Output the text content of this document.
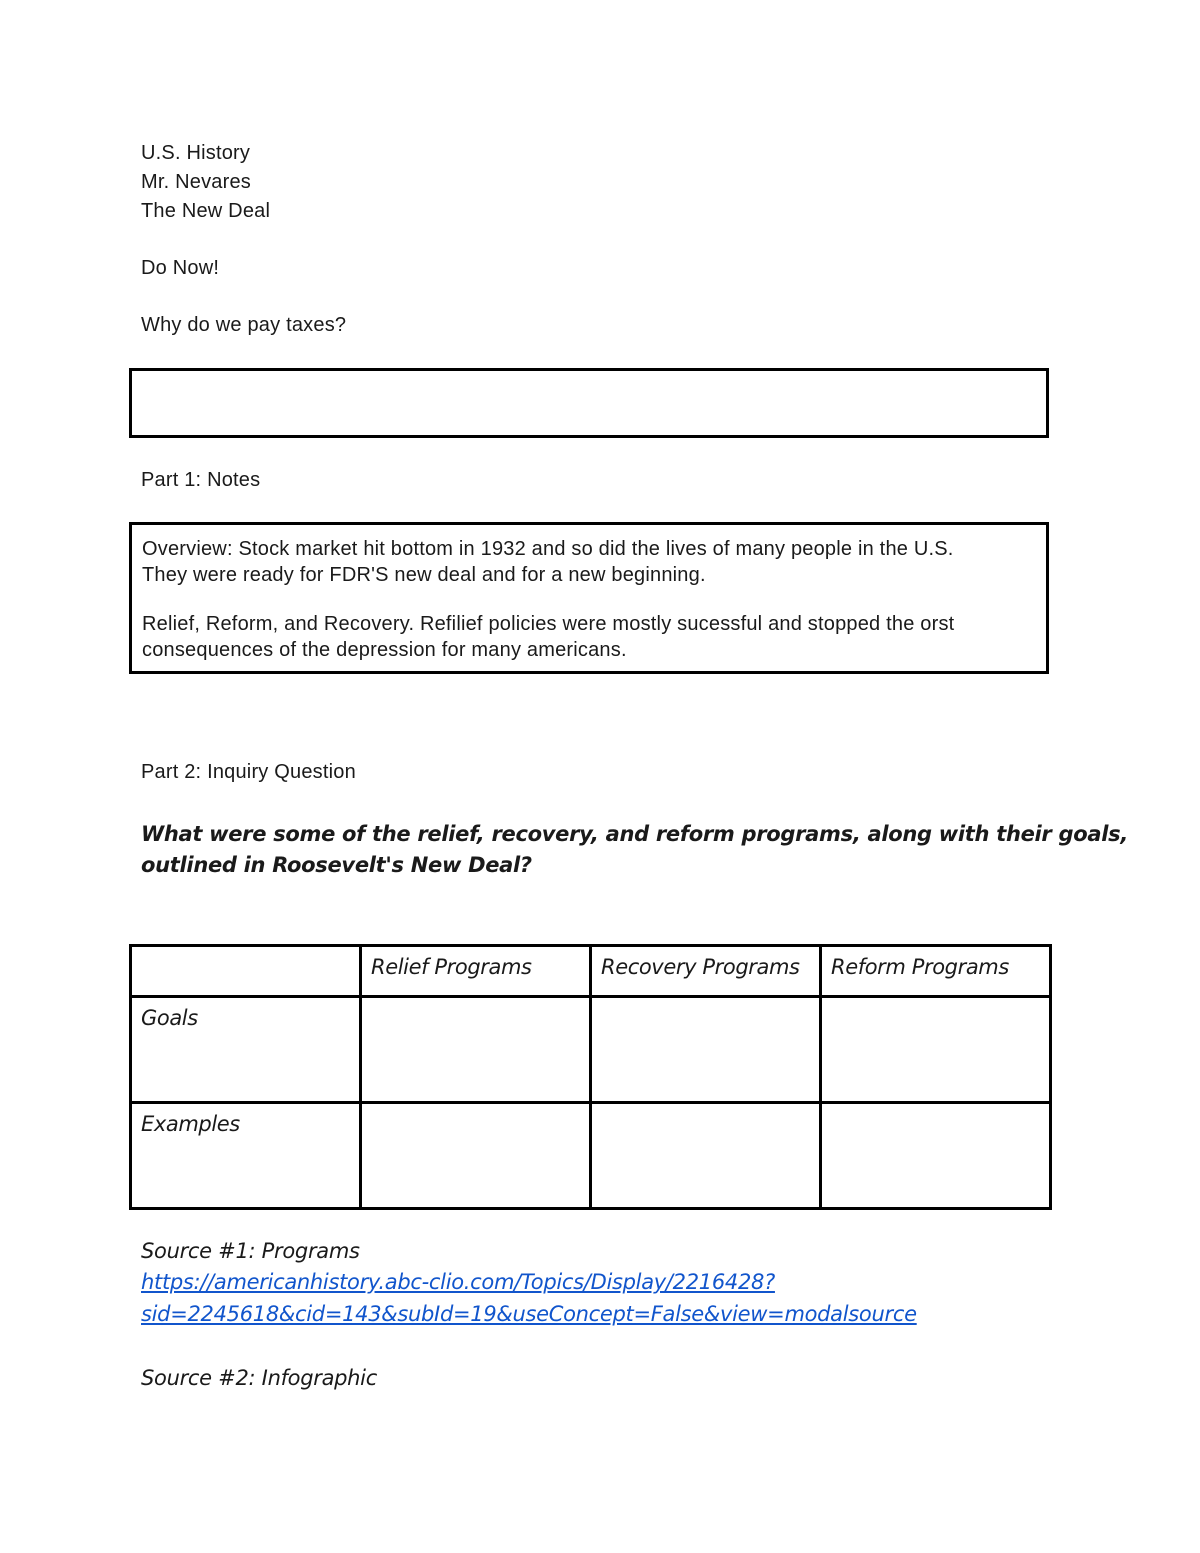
U.S. History
Mr. Nevares
The New Deal
Do Now!
Why do we pay taxes?
Part 1: Notes
Overview: Stock market hit bottom in 1932 and so did the lives of many people in the U.S.
They were ready for FDR'S new deal and for a new beginning.
Relief, Reform, and Recovery. Refilief policies were mostly sucessful and stopped the orst
consequences of the depression for many americans.
Part 2: Inquiry Question
What were some of the relief, recovery, and reform programs, along with their goals,
outlined in Roosevelt's New Deal?
	Relief Programs	Recovery Programs	Reform Programs
Goals			
Examples			
Source #1: Programs
https://americanhistory.abc-clio.com/Topics/Display/2216428?
sid=2245618&cid=143&subId=19&useConcept=False&view=modalsource
Source #2: Infographic
